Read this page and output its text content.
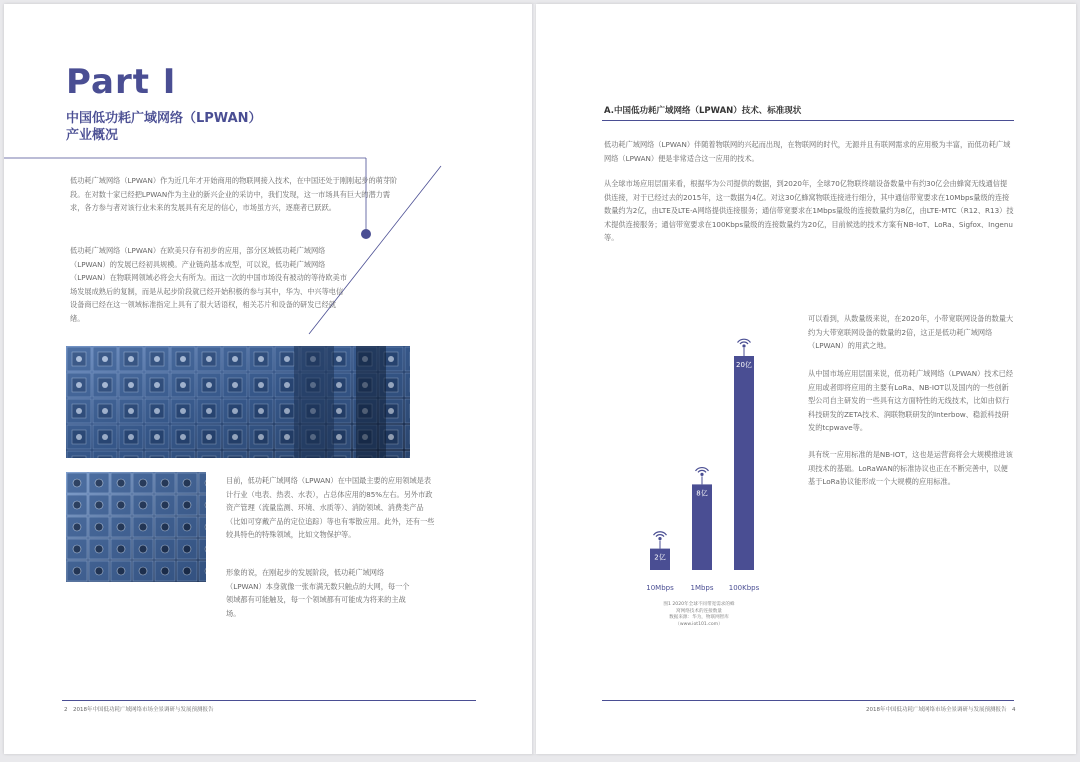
Part I
中国低功耗广域网络（LPWAN）
产业概况
低功耗广域网络（LPWAN）作为近几年才开始商用的物联网接入技术，在中国还处于刚刚起步的萌芽阶段。在对数十家已经把LPWAN作为主业的新兴企业的采访中，我们发现，这一市场具有巨大的潜力需求，各方参与者对该行业未来的发展具有充足的信心，市场虽方兴，逐鹿者已跃跃。
低功耗广域网络（LPWAN）在欧美只存有初步的应用，部分区域低功耗广域网络（LPWAN）的发展已经初具规模。产业链尚基本成型，可以说，低功耗广域网络（LPWAN）在物联网领域必将会大有所为。而这一次的中国市场没有被动的等待欧美市场发展成熟后的复制，而是从起步阶段就已经开始积极的参与其中，华为、中兴等电信设备商已经在这一领域标准指定上具有了很大话语权，相关芯片和设备的研发已经就绪。
目前，低功耗广域网络（LPWAN）在中国最主要的应用领域是表计行业（电表、热表、水表），占总体应用的85%左右。另外市政资产管理（流量监测、环境、水质等）、消防领域、消费类产品（比如可穿戴产品的定位追踪）等也有零散应用。此外，还有一些较具特色的特殊领域，比如文物保护等。
形象的说，在刚起步的发展阶段，低功耗广域网络（LPWAN）本身就像一张布满无数只触点的大网，每一个领域都有可能触及，每一个领域都有可能成为将来的主战场。
2　2018年中国低功耗广域网络市场全景调研与发展预测报告
A.中国低功耗广域网络（LPWAN）技术、标准现状
低功耗广域网络（LPWAN）伴随着物联网的兴起而出现，在物联网的时代，无源并且有联网需求的应用极为丰富，而低功耗广域网络（LPWAN）便是非常适合这一应用的技术。
从全球市场应用层面来看，根据华为公司提供的数据，到2020年，全球70亿物联终端设备数量中有约30亿会由蜂窝无线通信提供连接，对于已经过去的2015年，这一数据为4亿。对这30亿蜂窝物联连接进行细分，其中通信带宽要求在10Mbps量级的连接数量约为2亿，由LTE及LTE-A网络提供连接服务；通信带宽要求在1Mbps量级的连接数量约为8亿，由LTE-MTC（R12、R13）技术提供连接服务；通信带宽要求在100Kbps量级的连接数量约为20亿，目前候选的技术方案有NB-IoT、LoRa、Sigfox、Ingenu等。
2亿
10Mbps
8亿
1Mbps
20亿
100Kbps
图1 2020年全球不同带宽需求的蜂
窝网络技术的连接数量
数据来源：华为，物联网智库
（www.iot101.com）
可以看到，从数量级来说，在2020年，小带宽联网设备的数量大约为大带宽联网设备的数量的2倍，这正是低功耗广域网络（LPWAN）的用武之地。
从中国市场应用层面来说，低功耗广域网络（LPWAN）技术已经应用或者即将应用的主要有LoRa、NB-IOT以及国内的一些创新型公司自主研发的一些具有这方面特性的无线技术，比如由似行科技研发的ZETA技术、润联物联研发的Interbow、稳派科技研发的tcpwave等。
具有统一应用标准的是NB-IOT，这也是运营商将会大规模推进该项技术的基础。LoRaWAN的标准协议也正在不断完善中，以便基于LoRa协议能形成一个大规模的应用标准。
2018年中国低功耗广域网络市场全景调研与发展预测报告　4
